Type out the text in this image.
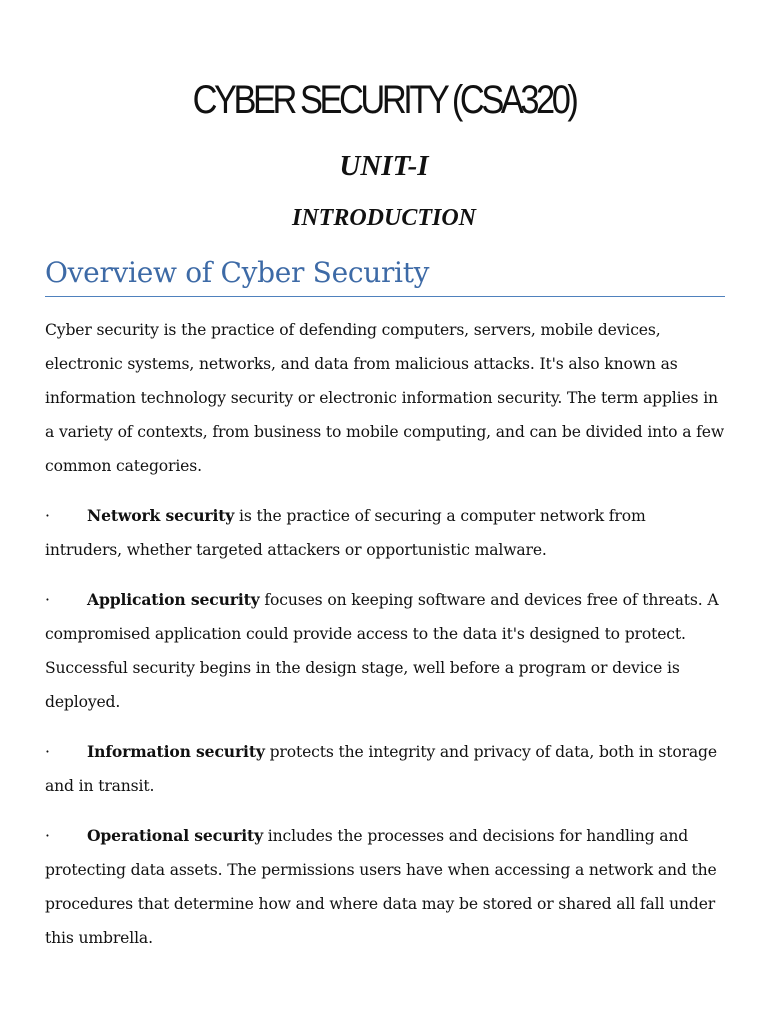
CYBER SECURITY (CSA320)
UNIT-I
INTRODUCTION
Overview of Cyber Security

Cyber security is the practice of defending computers, servers, mobile devices, electronic systems, networks, and data from malicious attacks. It's also known as information technology security or electronic information security. The term applies in a variety of contexts, from business to mobile computing, and can be divided into a few common categories.

· Network security is the practice of securing a computer network from intruders, whether targeted attackers or opportunistic malware.

· Application security focuses on keeping software and devices free of threats. A compromised application could provide access to the data it's designed to protect. Successful security begins in the design stage, well before a program or device is deployed.

· Information security protects the integrity and privacy of data, both in storage and in transit.

· Operational security includes the processes and decisions for handling and protecting data assets. The permissions users have when accessing a network and the procedures that determine how and where data may be stored or shared all fall under this umbrella.
